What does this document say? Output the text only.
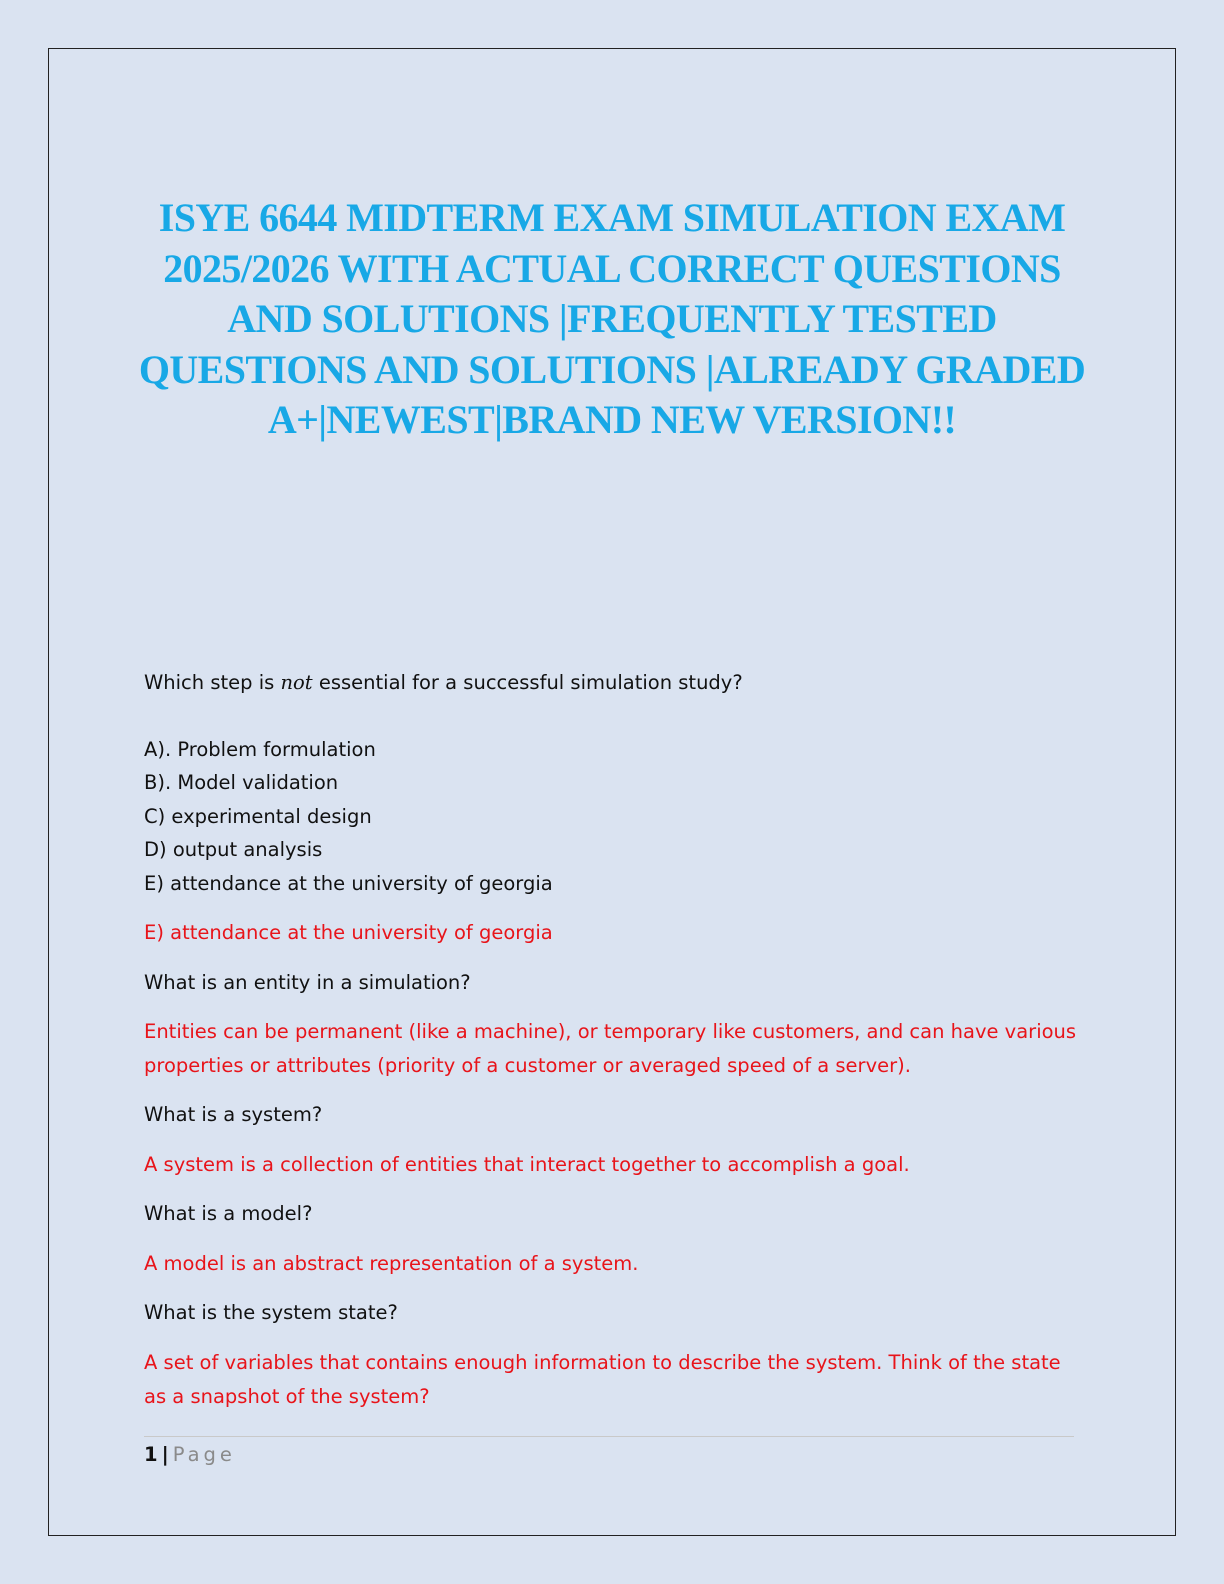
ISYE 6644 MIDTERM EXAM SIMULATION EXAM 2025/2026 WITH ACTUAL CORRECT QUESTIONS AND SOLUTIONS |FREQUENTLY TESTED QUESTIONS AND SOLUTIONS |ALREADY GRADED A+|NEWEST|BRAND NEW VERSION!!

Which step is not essential for a successful simulation study?

A). Problem formulation

B). Model validation

C) experimental design

D) output analysis

E) attendance at the university of georgia

E) attendance at the university of georgia

What is an entity in a simulation?

Entities can be permanent (like a machine), or temporary like customers, and can have various properties or attributes (priority of a customer or averaged speed of a server).

What is a system?

A system is a collection of entities that interact together to accomplish a goal.

What is a model?

A model is an abstract representation of a system.

What is the system state?

A set of variables that contains enough information to describe the system. Think of the state as a snapshot of the system?

1 | Page
